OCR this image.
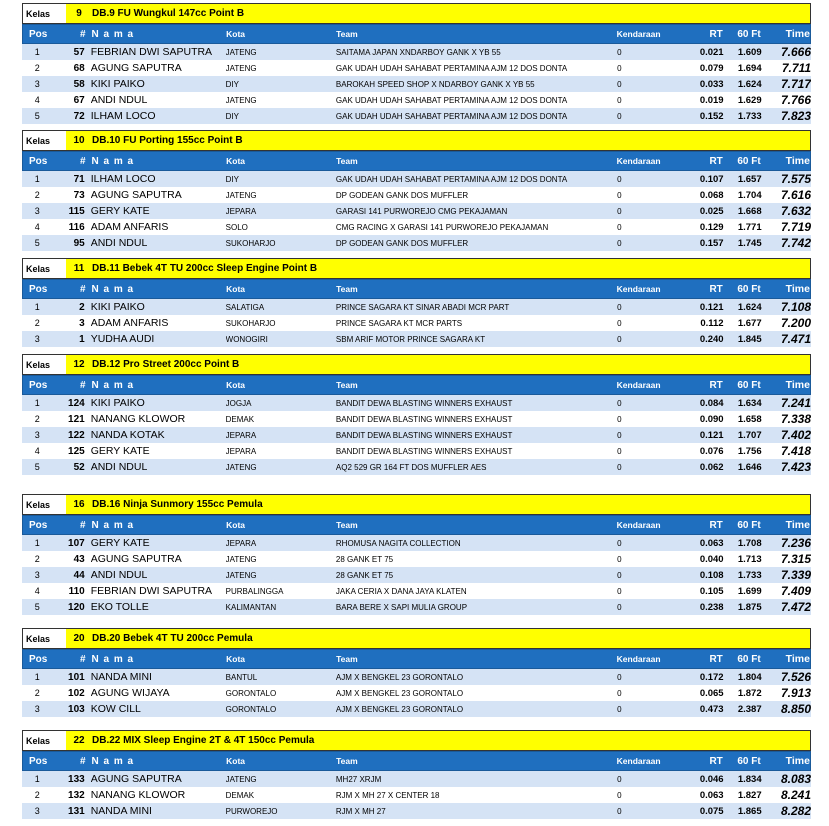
Kelas	9	DB.9 FU Wungkul 147cc Point B
Pos	# N a m a	Kota	Team	Kendaraan	RT	60 Ft	Time
1	57 FEBRIAN DWI SAPUTRA	JATENG	SAITAMA JAPAN XNDARBOY GANK X YB 55	0	0.021	1.609	7.666
2	68 AGUNG SAPUTRA	JATENG	GAK UDAH UDAH SAHABAT PERTAMINA AJM 12 DOS DONTA	0	0.079	1.694	7.711
3	58 KIKI PAIKO	DIY	BAROKAH SPEED SHOP X NDARBOY GANK X YB 55	0	0.033	1.624	7.717
4	67 ANDI NDUL	JATENG	GAK UDAH UDAH SAHABAT PERTAMINA AJM 12 DOS DONTA	0	0.019	1.629	7.766
5	72 ILHAM LOCO	DIY	GAK UDAH UDAH SAHABAT PERTAMINA AJM 12 DOS DONTA	0	0.152	1.733	7.823
Kelas	10 DB.10 FU Porting 155cc Point B
Pos	# N a m a	Kota	Team	Kendaraan	RT	60 Ft	Time
1	71 ILHAM LOCO	DIY	GAK UDAH UDAH SAHABAT PERTAMINA AJM 12 DOS DONTA	0	0.107	1.657	7.575
2	73 AGUNG SAPUTRA	JATENG	DP GODEAN GANK DOS MUFFLER	0	0.068	1.704	7.616
3	115 GERY KATE	JEPARA	GARASI 141 PURWOREJO CMG PEKAJAMAN	0	0.025	1.668	7.632
4	116 ADAM ANFARIS	SOLO	CMG RACING X GARASI 141 PURWOREJO PEKAJAMAN	0	0.129	1.771	7.719
5	95 ANDI NDUL	SUKOHARJO	DP GODEAN GANK DOS MUFFLER	0	0.157	1.745	7.742
Kelas	11 DB.11 Bebek 4T TU 200cc Sleep Engine Point B
Pos	# N a m a	Kota	Team	Kendaraan	RT	60 Ft	Time
1	2 KIKI PAIKO	SALATIGA	PRINCE SAGARA KT SINAR ABADI MCR PART	0	0.121	1.624	7.108
2	3 ADAM ANFARIS	SUKOHARJO	PRINCE SAGARA KT MCR PARTS	0	0.112	1.677	7.200
3	1 YUDHA AUDI	WONOGIRI	SBM ARIF MOTOR PRINCE SAGARA KT	0	0.240	1.845	7.471
Kelas	12 DB.12 Pro Street 200cc Point B
Pos	# N a m a	Kota	Team	Kendaraan	RT	60 Ft	Time
1	124 KIKI PAIKO	JOGJA	BANDIT DEWA BLASTING WINNERS EXHAUST	0	0.084	1.634	7.241
2	121 NANANG KLOWOR	DEMAK	BANDIT DEWA BLASTING WINNERS EXHAUST	0	0.090	1.658	7.338
3	122 NANDA KOTAK	JEPARA	BANDIT DEWA BLASTING WINNERS EXHAUST	0	0.121	1.707	7.402
4	125 GERY KATE	JEPARA	BANDIT DEWA BLASTING WINNERS EXHAUST	0	0.076	1.756	7.418
5	52 ANDI NDUL	JATENG	AQ2 529 GR 164 FT DOS MUFFLER AES	0	0.062	1.646	7.423
Kelas	16 DB.16 Ninja Sunmory 155cc Pemula
Pos	# N a m a	Kota	Team	Kendaraan	RT	60 Ft	Time
1	107 GERY KATE	JEPARA	RHOMUSA NAGITA COLLECTION	0	0.063	1.708	7.236
2	43 AGUNG SAPUTRA	JATENG	28 GANK ET 75	0	0.040	1.713	7.315
3	44 ANDI NDUL	JATENG	28 GANK ET 75	0	0.108	1.733	7.339
4	110 FEBRIAN DWI SAPUTRA	PURBALINGGA	JAKA CERIA X DANA JAYA KLATEN	0	0.105	1.699	7.409
5	120 EKO TOLLE	KALIMANTAN	BARA BERE X SAPI MULIA GROUP	0	0.238	1.875	7.472
Kelas	20 DB.20 Bebek 4T TU 200cc Pemula
Pos	# N a m a	Kota	Team	Kendaraan	RT	60 Ft	Time
1	101 NANDA MINI	BANTUL	AJM X BENGKEL 23 GORONTALO	0	0.172	1.804	7.526
2	102 AGUNG WIJAYA	GORONTALO	AJM X BENGKEL 23 GORONTALO	0	0.065	1.872	7.913
3	103 KOW CILL	GORONTALO	AJM X BENGKEL 23 GORONTALO	0	0.473	2.387	8.850
Kelas	22 DB.22 MIX Sleep Engine 2T & 4T 150cc Pemula
Pos	# N a m a	Kota	Team	Kendaraan	RT	60 Ft	Time
1	133 AGUNG SAPUTRA	JATENG	MH27 XRJM	0	0.046	1.834	8.083
2	132 NANANG KLOWOR	DEMAK	RJM X MH 27 X CENTER 18	0	0.063	1.827	8.241
3	131 NANDA MINI	PURWOREJO	RJM X MH 27	0	0.075	1.865	8.282
